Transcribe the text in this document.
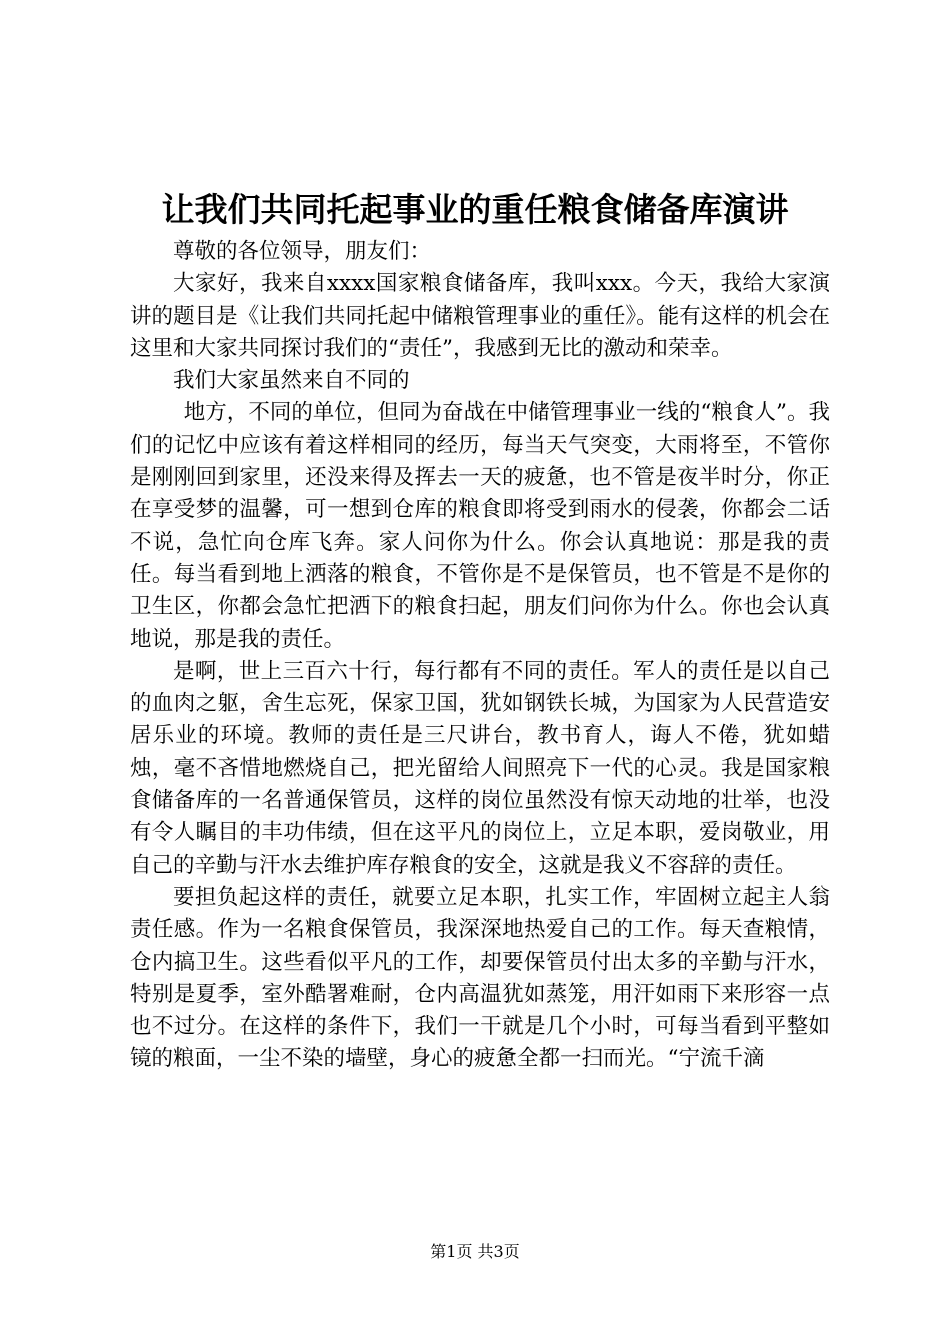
让我们共同托起事业的重任粮食储备库演讲

尊敬的各位领导，朋友们：

大家好，我来自xxxx国家粮食储备库，我叫xxx。今天，我给大家演讲的题目是《让我们共同托起中储粮管理事业的重任》。能有这样的机会在这里和大家共同探讨我们的“责任”，我感到无比的激动和荣幸。

我们大家虽然来自不同的

地方，不同的单位，但同为奋战在中储管理事业一线的“粮食人”。我们的记忆中应该有着这样相同的经历，每当天气突变，大雨将至，不管你是刚刚回到家里，还没来得及挥去一天的疲惫，也不管是夜半时分，你正在享受梦的温馨，可一想到仓库的粮食即将受到雨水的侵袭，你都会二话不说，急忙向仓库飞奔。家人问你为什么。你会认真地说：那是我的责任。每当看到地上洒落的粮食，不管你是不是保管员，也不管是不是你的卫生区，你都会急忙把洒下的粮食扫起，朋友们问你为什么。你也会认真地说，那是我的责任。

是啊，世上三百六十行，每行都有不同的责任。军人的责任是以自己的血肉之躯，舍生忘死，保家卫国，犹如钢铁长城，为国家为人民营造安居乐业的环境。教师的责任是三尺讲台，教书育人，诲人不倦，犹如蜡烛，毫不吝惜地燃烧自己，把光留给人间照亮下一代的心灵。我是国家粮食储备库的一名普通保管员，这样的岗位虽然没有惊天动地的壮举，也没有令人瞩目的丰功伟绩，但在这平凡的岗位上，立足本职，爱岗敬业，用自己的辛勤与汗水去维护库存粮食的安全，这就是我义不容辞的责任。

要担负起这样的责任，就要立足本职，扎实工作，牢固树立起主人翁责任感。作为一名粮食保管员，我深深地热爱自己的工作。每天查粮情，仓内搞卫生。这些看似平凡的工作，却要保管员付出太多的辛勤与汗水，特别是夏季，室外酷署难耐，仓内高温犹如蒸笼，用汗如雨下来形容一点也不过分。在这样的条件下，我们一干就是几个小时，可每当看到平整如镜的粮面，一尘不染的墙壁，身心的疲惫全都一扫而光。“宁流千滴

第1页 共3页
